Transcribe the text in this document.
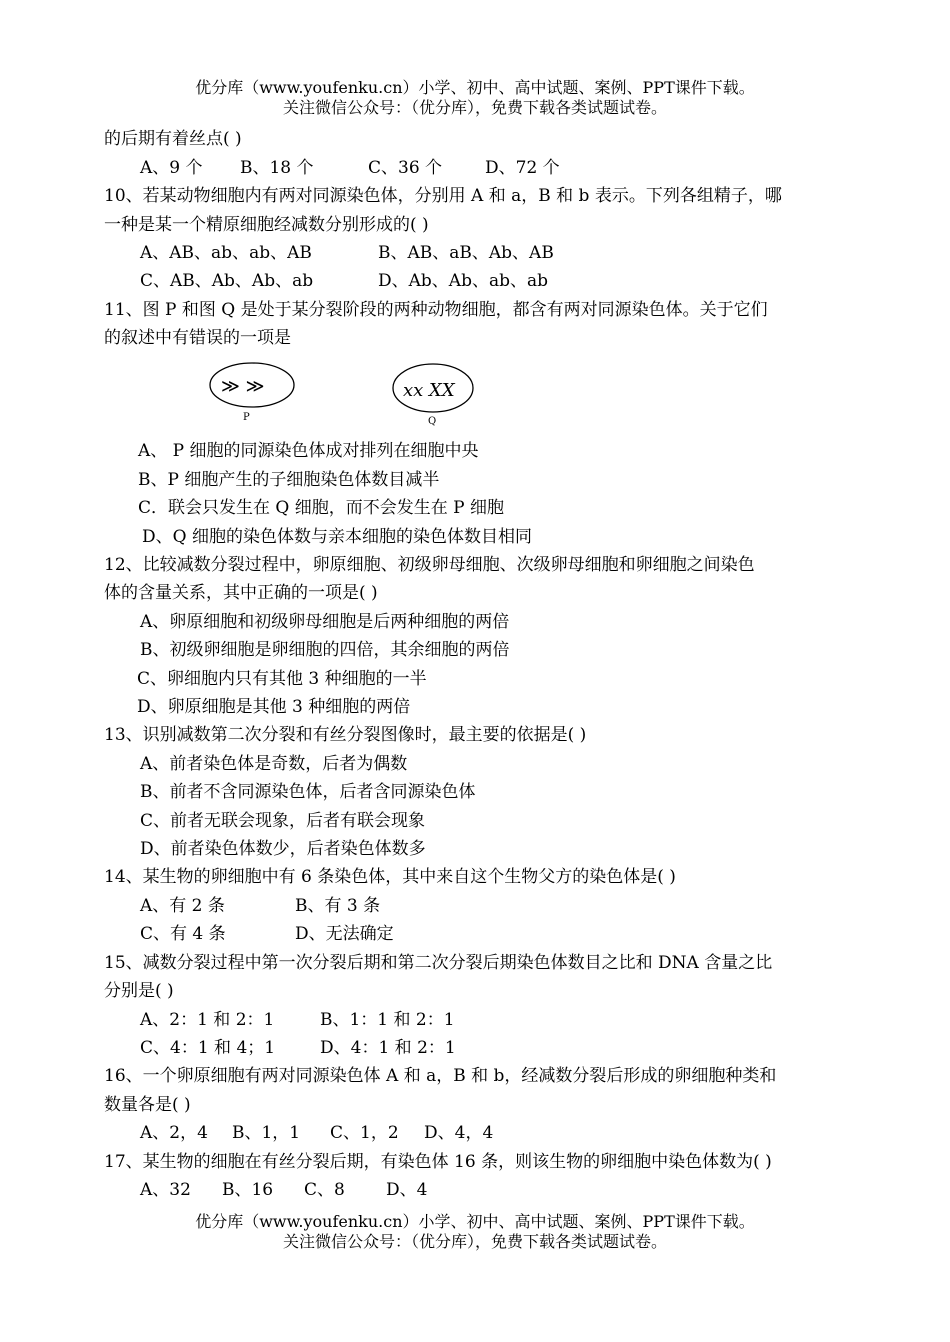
优分库（www.youfenku.cn）小学、初中、高中试题、案例、PPT课件下载。
关注微信公众号：（优分库），免费下载各类试题试卷。
的后期有着丝点( )
A、9 个 B、18 个	C、36 个	D、72 个
10、若某动物细胞内有两对同源染色体，分别用 A 和 a，B 和 b 表示。下列各组精子，哪
一种是某一个精原细胞经减数分别形成的( )
A、AB、ab、ab、AB	B、AB、aB、Ab、AB
C、AB、Ab、Ab、ab	D、Ab、Ab、ab、ab
11、图 P 和图 Q 是处于某分裂阶段的两种动物细胞，都含有两对同源染色体。关于它们
的叙述中有错误的一项是
≫ ≫
P
xx XX
Q
A、 P 细胞的同源染色体成对排列在细胞中央
B、P 细胞产生的子细胞染色体数目减半
C．联会只发生在 Q 细胞，而不会发生在 P 细胞
D、Q 细胞的染色体数与亲本细胞的染色体数目相同
12、比较减数分裂过程中，卵原细胞、初级卵母细胞、次级卵母细胞和卵细胞之间染色
体的含量关系，其中正确的一项是( )
A、卵原细胞和初级卵母细胞是后两种细胞的两倍
B、初级卵细胞是卵细胞的四倍，其余细胞的两倍
C、卵细胞内只有其他 3 种细胞的一半
D、卵原细胞是其他 3 种细胞的两倍
13、识别减数第二次分裂和有丝分裂图像时，最主要的依据是( )
A、前者染色体是奇数，后者为偶数
B、前者不含同源染色体，后者含同源染色体
C、前者无联会现象，后者有联会现象
D、前者染色体数少，后者染色体数多
14、某生物的卵细胞中有 6 条染色体，其中来自这个生物父方的染色体是( )
A、有 2 条	B、有 3 条
C、有 4 条	D、无法确定
15、减数分裂过程中第一次分裂后期和第二次分裂后期染色体数目之比和 DNA 含量之比
分别是( )
A、2：1 和 2：1	B、1：1 和 2：1
C、4：1 和 4；1	D、4：1 和 2：1
16、一个卵原细胞有两对同源染色体 A 和 a，B 和 b，经减数分裂后形成的卵细胞种类和
数量各是( )
A、2，4 B、1，1 C、1，2 D、4，4
17、某生物的细胞在有丝分裂后期，有染色体 16 条，则该生物的卵细胞中染色体数为( )
A、32 B、16 C、8 D、4
优分库（www.youfenku.cn）小学、初中、高中试题、案例、PPT课件下载。
关注微信公众号：（优分库），免费下载各类试题试卷。
